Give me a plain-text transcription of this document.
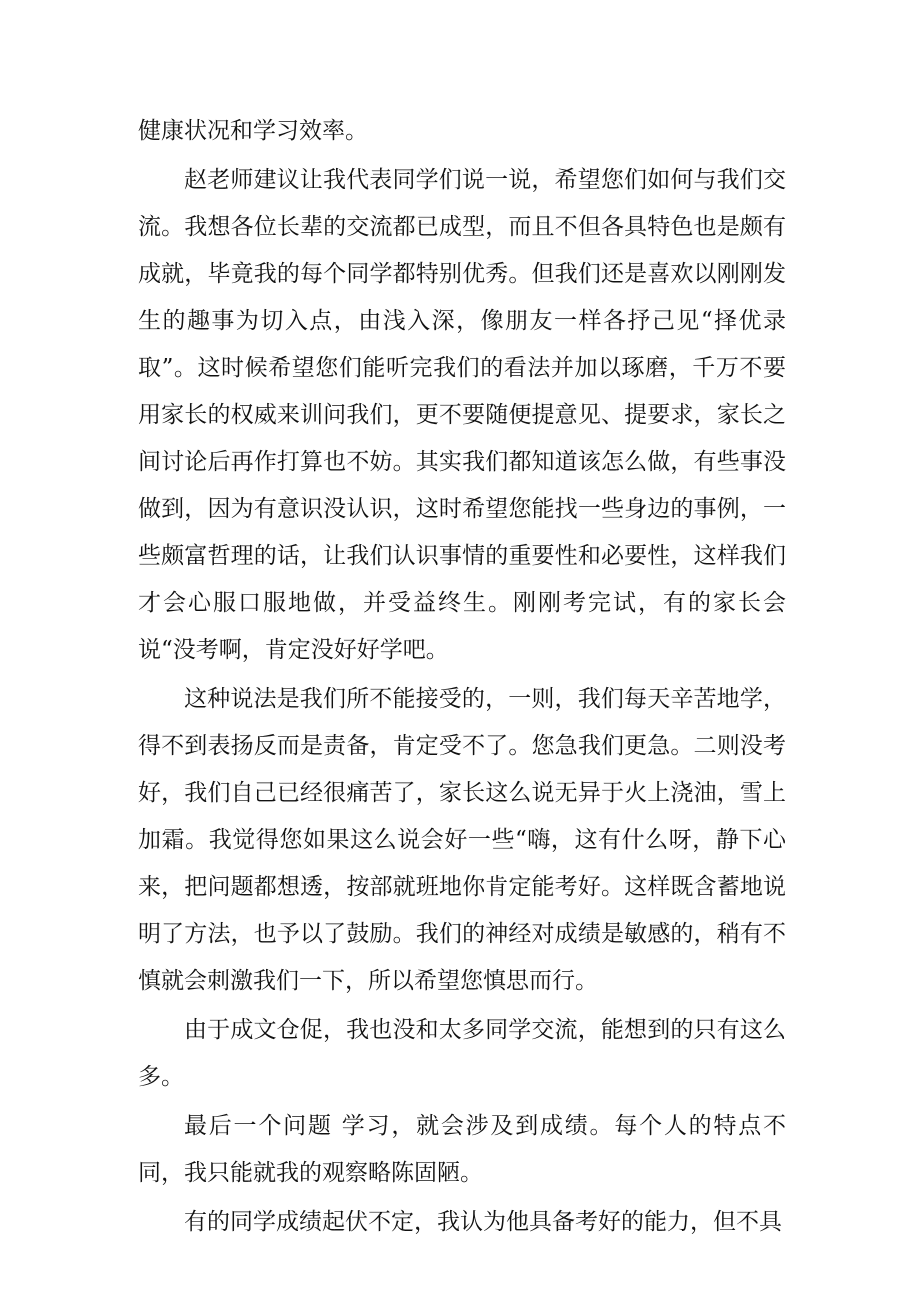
健康状况和学习效率。

赵老师建议让我代表同学们说一说，希望您们如何与我们交流。我想各位长辈的交流都已成型，而且不但各具特色也是颇有成就，毕竟我的每个同学都特别优秀。但我们还是喜欢以刚刚发生的趣事为切入点，由浅入深，像朋友一样各抒己见“择优录取”。这时候希望您们能听完我们的看法并加以琢磨，千万不要用家长的权威来训问我们，更不要随便提意见、提要求，家长之间讨论后再作打算也不妨。其实我们都知道该怎么做，有些事没做到，因为有意识没认识，这时希望您能找一些身边的事例，一些颇富哲理的话，让我们认识事情的重要性和必要性，这样我们才会心服口服地做，并受益终生。刚刚考完试，有的家长会说“没考啊，肯定没好好学吧。

这种说法是我们所不能接受的，一则，我们每天辛苦地学，得不到表扬反而是责备，肯定受不了。您急我们更急。二则没考好，我们自己已经很痛苦了，家长这么说无异于火上浇油，雪上加霜。我觉得您如果这么说会好一些“嗨，这有什么呀，静下心来，把问题都想透，按部就班地你肯定能考好。这样既含蓄地说明了方法，也予以了鼓励。我们的神经对成绩是敏感的，稍有不慎就会刺激我们一下，所以希望您慎思而行。

由于成文仓促，我也没和太多同学交流，能想到的只有这么多。

最后一个问题 学习，就会涉及到成绩。每个人的特点不同，我只能就我的观察略陈固陋。

有的同学成绩起伏不定，我认为他具备考好的能力，但不具
